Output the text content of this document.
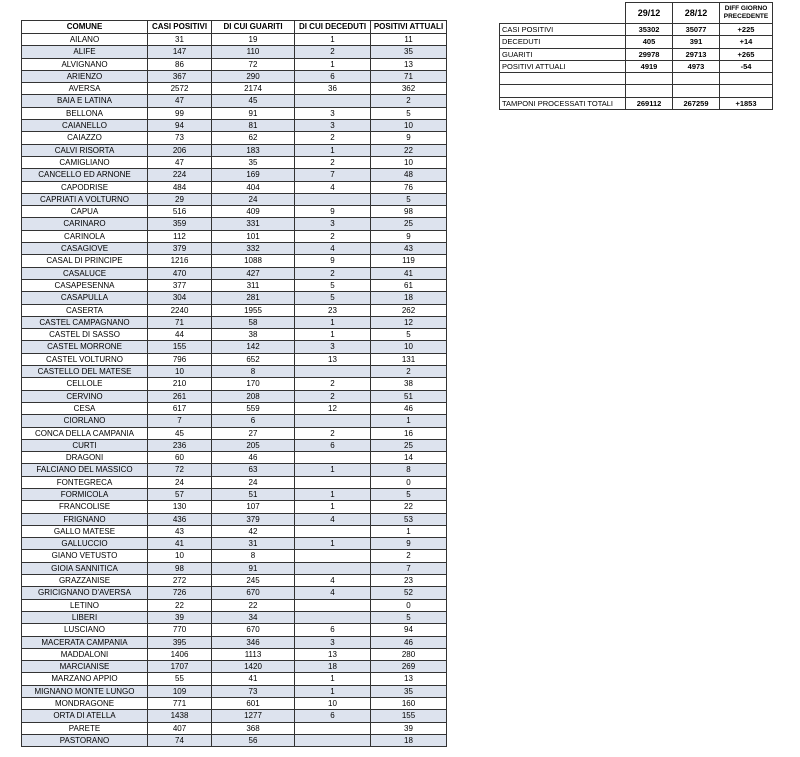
COMUNE	CASI POSITIVI	DI CUI GUARITI	DI CUI DECEDUTI	POSITIVI ATTUALI
AILANO	31	19	1	11
ALIFE	147	110	2	35
ALVIGNANO	86	72	1	13
ARIENZO	367	290	6	71
AVERSA	2572	2174	36	362
BAIA E LATINA	47	45		2
BELLONA	99	91	3	5
CAIANELLO	94	81	3	10
CAIAZZO	73	62	2	9
CALVI RISORTA	206	183	1	22
CAMIGLIANO	47	35	2	10
CANCELLO ED ARNONE	224	169	7	48
CAPODRISE	484	404	4	76
CAPRIATI A VOLTURNO	29	24		5
CAPUA	516	409	9	98
CARINARO	359	331	3	25
CARINOLA	112	101	2	9
CASAGIOVE	379	332	4	43
CASAL DI PRINCIPE	1216	1088	9	119
CASALUCE	470	427	2	41
CASAPESENNA	377	311	5	61
CASAPULLA	304	281	5	18
CASERTA	2240	1955	23	262
CASTEL CAMPAGNANO	71	58	1	12
CASTEL DI SASSO	44	38	1	5
CASTEL MORRONE	155	142	3	10
CASTEL VOLTURNO	796	652	13	131
CASTELLO DEL MATESE	10	8		2
CELLOLE	210	170	2	38
CERVINO	261	208	2	51
CESA	617	559	12	46
CIORLANO	7	6		1
CONCA DELLA CAMPANIA	45	27	2	16
CURTI	236	205	6	25
DRAGONI	60	46		14
FALCIANO DEL MASSICO	72	63	1	8
FONTEGRECA	24	24		0
FORMICOLA	57	51	1	5
FRANCOLISE	130	107	1	22
FRIGNANO	436	379	4	53
GALLO MATESE	43	42		1
GALLUCCIO	41	31	1	9
GIANO VETUSTO	10	8		2
GIOIA SANNITICA	98	91		7
GRAZZANISE	272	245	4	23
GRICIGNANO D'AVERSA	726	670	4	52
LETINO	22	22		0
LIBERI	39	34		5
LUSCIANO	770	670	6	94
MACERATA CAMPANIA	395	346	3	46
MADDALONI	1406	1113	13	280
MARCIANISE	1707	1420	18	269
MARZANO APPIO	55	41	1	13
MIGNANO MONTE LUNGO	109	73	1	35
MONDRAGONE	771	601	10	160
ORTA DI ATELLA	1438	1277	6	155
PARETE	407	368		39
PASTORANO	74	56		18
	29/12	28/12	DIFF GIORNO PRECEDENTE
CASI POSITIVI	35302	35077	+225
DECEDUTI	405	391	+14
GUARITI	29978	29713	+265
POSITIVI ATTUALI	4919	4973	-54

TAMPONI PROCESSATI TOTALI	269112	267259	+1853
